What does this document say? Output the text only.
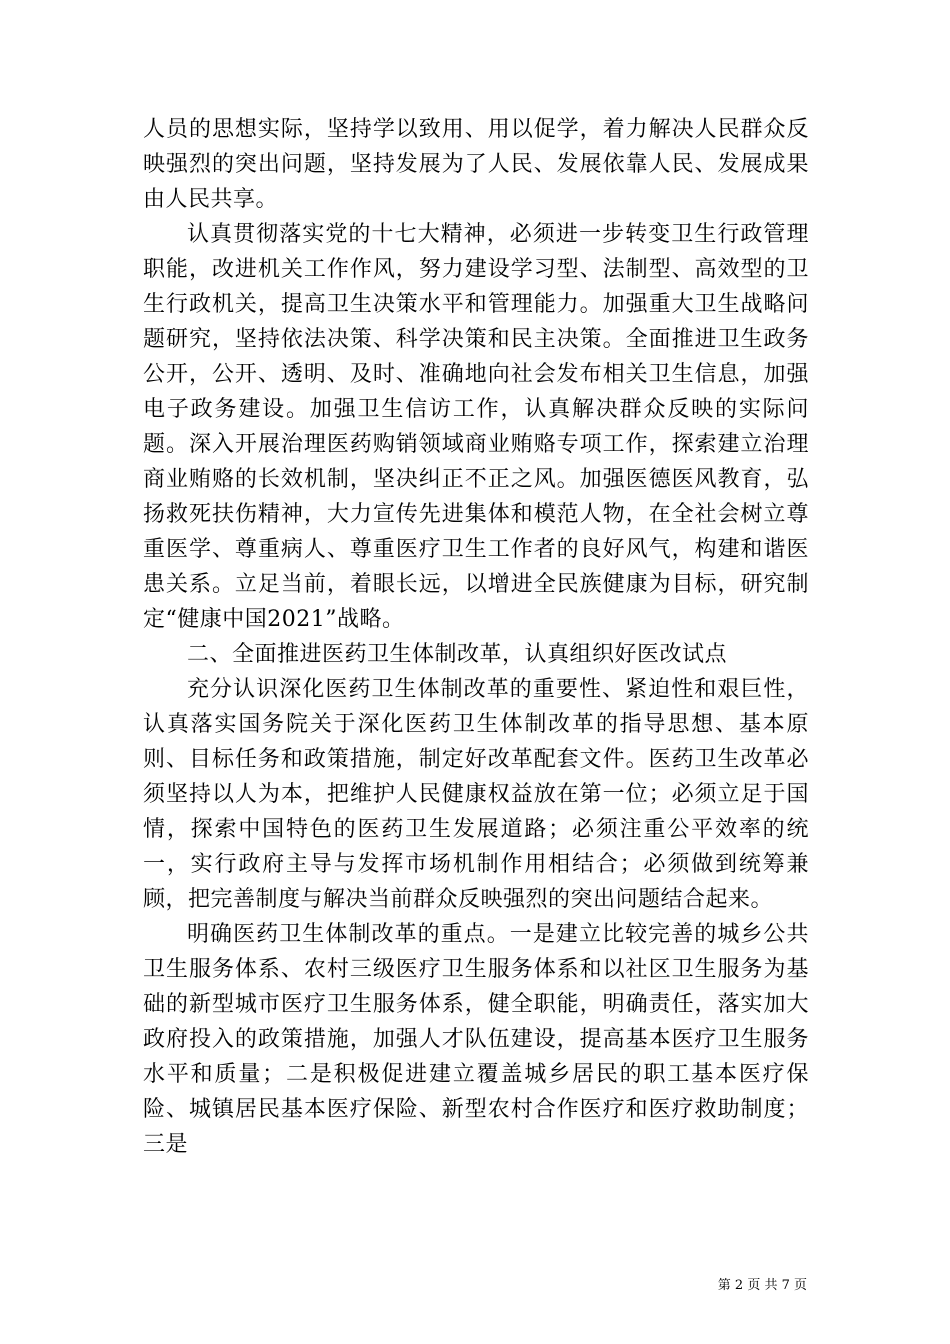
人员的思想实际，坚持学以致用、用以促学，着力解决人民群众反映强烈的突出问题，坚持发展为了人民、发展依靠人民、发展成果由人民共享。

认真贯彻落实党的十七大精神，必须进一步转变卫生行政管理职能，改进机关工作作风，努力建设学习型、法制型、高效型的卫生行政机关，提高卫生决策水平和管理能力。加强重大卫生战略问题研究，坚持依法决策、科学决策和民主决策。全面推进卫生政务公开，公开、透明、及时、准确地向社会发布相关卫生信息，加强电子政务建设。加强卫生信访工作，认真解决群众反映的实际问题。深入开展治理医药购销领域商业贿赂专项工作，探索建立治理商业贿赂的长效机制，坚决纠正不正之风。加强医德医风教育，弘扬救死扶伤精神，大力宣传先进集体和模范人物，在全社会树立尊重医学、尊重病人、尊重医疗卫生工作者的良好风气，构建和谐医患关系。立足当前，着眼长远，以增进全民族健康为目标，研究制定“健康中国2021”战略。

二、全面推进医药卫生体制改革，认真组织好医改试点

充分认识深化医药卫生体制改革的重要性、紧迫性和艰巨性，认真落实国务院关于深化医药卫生体制改革的指导思想、基本原则、目标任务和政策措施，制定好改革配套文件。医药卫生改革必须坚持以人为本，把维护人民健康权益放在第一位；必须立足于国情，探索中国特色的医药卫生发展道路；必须注重公平效率的统一，实行政府主导与发挥市场机制作用相结合；必须做到统筹兼顾，把完善制度与解决当前群众反映强烈的突出问题结合起来。

明确医药卫生体制改革的重点。一是建立比较完善的城乡公共卫生服务体系、农村三级医疗卫生服务体系和以社区卫生服务为基础的新型城市医疗卫生服务体系，健全职能，明确责任，落实加大政府投入的政策措施，加强人才队伍建设，提高基本医疗卫生服务水平和质量；二是积极促进建立覆盖城乡居民的职工基本医疗保险、城镇居民基本医疗保险、新型农村合作医疗和医疗救助制度；三是

第 2 页 共 7 页
